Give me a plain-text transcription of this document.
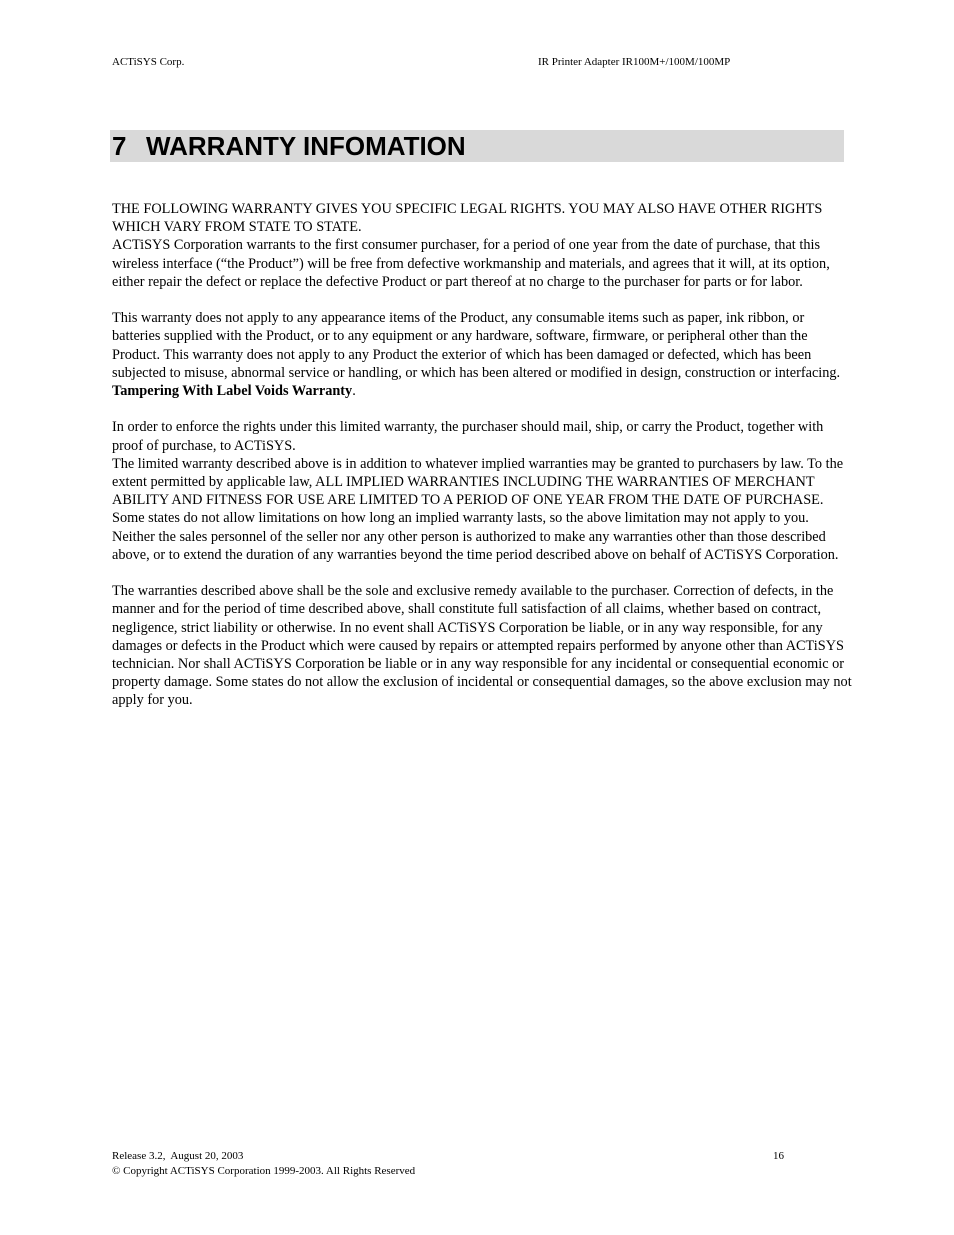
ACTiSYS Corp.	IR Printer Adapter IR100M+/100M/100MP
7 WARRANTY INFOMATION

THE FOLLOWING WARRANTY GIVES YOU SPECIFIC LEGAL RIGHTS. YOU MAY ALSO HAVE OTHER RIGHTS WHICH VARY FROM STATE TO STATE.

ACTiSYS Corporation warrants to the first consumer purchaser, for a period of one year from the date of purchase, that this wireless interface (“the Product”) will be free from defective workmanship and materials, and agrees that it will, at its option, either repair the defect or replace the defective Product or part thereof at no charge to the purchaser for parts or for labor.

This warranty does not apply to any appearance items of the Product, any consumable items such as paper, ink ribbon, or batteries supplied with the Product, or to any equipment or any hardware, software, firmware, or peripheral other than the Product. This warranty does not apply to any Product the exterior of which has been damaged or defected, which has been subjected to misuse, abnormal service or handling, or which has been altered or modified in design, construction or interfacing. Tampering With Label Voids Warranty.

In order to enforce the rights under this limited warranty, the purchaser should mail, ship, or carry the Product, together with proof of purchase, to ACTiSYS.

The limited warranty described above is in addition to whatever implied warranties may be granted to purchasers by law. To the extent permitted by applicable law, ALL IMPLIED WARRANTIES INCLUDING THE WARRANTIES OF MERCHANT ABILITY AND FITNESS FOR USE ARE LIMITED TO A PERIOD OF ONE YEAR FROM THE DATE OF PURCHASE. Some states do not allow limitations on how long an implied warranty lasts, so the above limitation may not apply to you.

Neither the sales personnel of the seller nor any other person is authorized to make any warranties other than those described above, or to extend the duration of any warranties beyond the time period described above on behalf of ACTiSYS Corporation.

The warranties described above shall be the sole and exclusive remedy available to the purchaser. Correction of defects, in the manner and for the period of time described above, shall constitute full satisfaction of all claims, whether based on contract, negligence, strict liability or otherwise. In no event shall ACTiSYS Corporation be liable, or in any way responsible, for any damages or defects in the Product which were caused by repairs or attempted repairs performed by anyone other than ACTiSYS technician. Nor shall ACTiSYS Corporation be liable or in any way responsible for any incidental or consequential economic or property damage. Some states do not allow the exclusion of incidental or consequential damages, so the above exclusion may not apply for you.

Release 3.2,  August 20, 2003
© Copyright ACTiSYS Corporation 1999-2003. All Rights Reserved
16
